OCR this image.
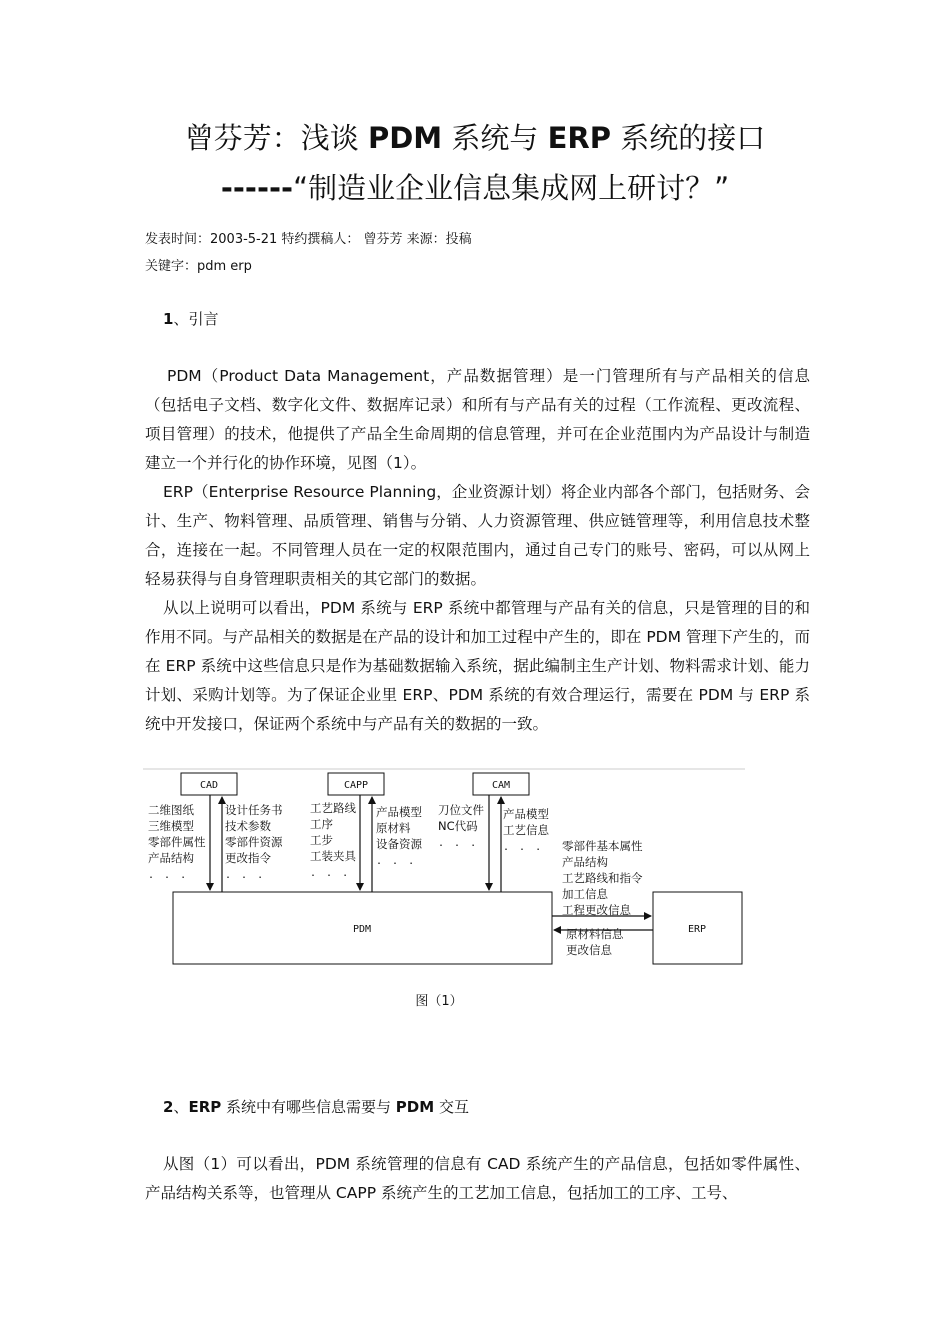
曾芬芳：浅谈 PDM 系统与 ERP 系统的接口
------“制造业企业信息集成网上研讨？”
发表时间：2003-5-21 特约撰稿人： 曾芬芳 来源：投稿
关键字：pdm erp
1、引言

PDM（Product Data Management，产品数据管理）是一门管理所有与产品相关的信息（包括电子文档、数字化文件、数据库记录）和所有与产品有关的过程（工作流程、更改流程、项目管理）的技术，他提供了产品全生命周期的信息管理，并可在企业范围内为产品设计与制造建立一个并行化的协作环境，见图（1）。

ERP（Enterprise Resource Planning，企业资源计划）将企业内部各个部门，包括财务、会计、生产、物料管理、品质管理、销售与分销、人力资源管理、供应链管理等，利用信息技术整合，连接在一起。不同管理人员在一定的权限范围内，通过自己专门的账号、密码，可以从网上轻易获得与自身管理职责相关的其它部门的数据。

从以上说明可以看出，PDM 系统与 ERP 系统中都管理与产品有关的信息，只是管理的目的和作用不同。与产品相关的数据是在产品的设计和加工过程中产生的，即在 PDM 管理下产生的，而在 ERP 系统中这些信息只是作为基础数据输入系统，据此编制主生产计划、物料需求计划、能力计划、采购计划等。为了保证企业里 ERP、PDM 系统的有效合理运行，需要在 PDM 与 ERP 系统中开发接口，保证两个系统中与产品有关的数据的一致。

CAD	CAPP	CAM
PDM	ERP
二维图纸
三维模型
零部件属性
产品结构
. . .
设计任务书
技术参数
零部件资源
更改指令
. . .
工艺路线
工序
工步
工装夹具
. . .
产品模型
原材料
设备资源
. . .
刀位文件
NC代码
. . .
产品模型
工艺信息
. . . 零部件基本属性
产品结构
工艺路线和指令
加工信息
工程更改信息
原材料信息
更改信息
图（1）
2、ERP 系统中有哪些信息需要与 PDM 交互

从图（1）可以看出，PDM 系统管理的信息有 CAD 系统产生的产品信息，包括如零件属性、产品结构关系等，也管理从 CAPP 系统产生的工艺加工信息，包括加工的工序、工号、
